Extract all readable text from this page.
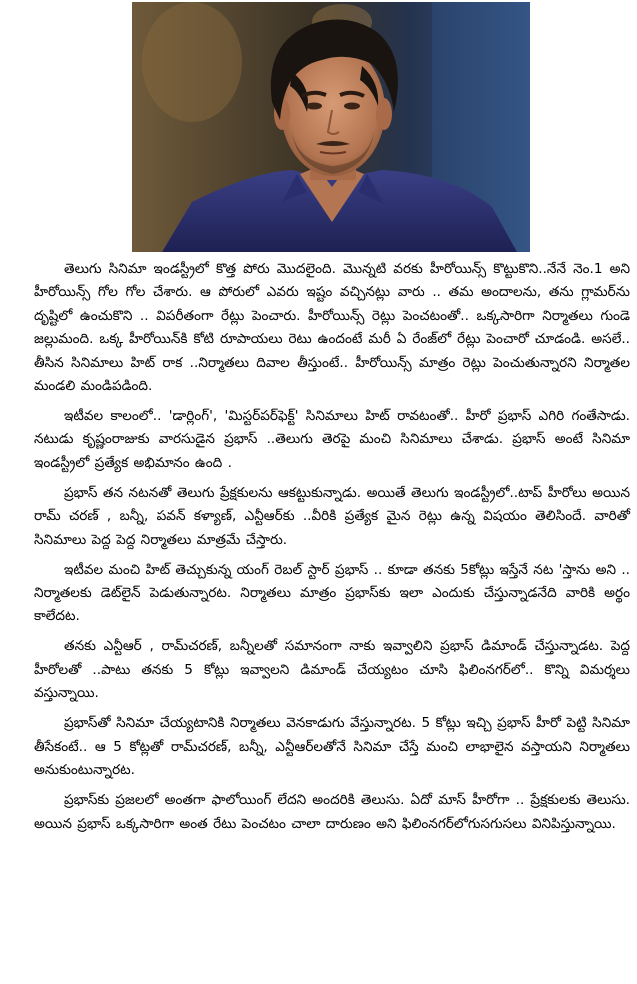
తెలుగు సినిమా ఇండస్ట్రీలో కొత్త పోరు మొదలైంది. మొన్నటి వరకు హీరోయిన్స్ కొట్టుకొని..నేనే నెం.1 అని హీరోయిన్స్ గోల గోల చేశారు. ఆ పోరులో ఎవరు ఇష్టం వచ్చినట్లు వారు .. తమ అందాలను, తను గ్లామర్‌ను దృష్టిలో ఉంచుకొని .. విపరీతంగా రేట్లు పెంచారు. హీరోయిన్స్ రెట్లు పెంచటంతో.. ఒక్కసారిగా నిర్మాతలు గుండె జల్లుమంది. ఒక్క హీరోయిన్‌కి కోటి రూపాయలు రెటు ఉందంటే మరీ ఏ రేంజ్‌లో రేట్లు పెంచారో చూడండి. అసలే.. తీసిన సినిమాలు హిట్ రాక ..నిర్మాతలు దివాల తీస్తుంటే.. హీరోయిన్స్ మాత్రం రెట్లు పెంచుతున్నారని నిర్మాతల మండలి మండిపడింది.

ఇటీవల కాలంలో.. 'డార్లింగ్', 'మిస్టర్‌పర్‌ఫెక్ట్' సినిమాలు హిట్ రావటంతో.. హీరో ప్రభాస్ ఎగిరి గంతేసాడు. నటుడు కృష్ణంరాజుకు వారసుడైన ప్రభాస్ ..తెలుగు తెరపై మంచి సినిమాలు చేశాడు. ప్రభాస్ అంటే సినిమా ఇండస్ట్రీలో ప్రత్యేక అభిమానం ఉంది .

ప్రభాస్ తన నటనతో తెలుగు ప్రేక్షకులను ఆకట్టుకున్నాడు. అయితే తెలుగు ఇండస్ట్రీలో..టాప్ హీరోలు అయిన రామ్ చరణ్ , బన్నీ, పవన్ కళ్యాణ్, ఎన్టీఆర్‌కు ..వీరికి ప్రత్యేక మైన రెట్లు ఉన్న విషయం తెలిసిందే. వారితో సినిమాలు పెద్ద పెద్ద నిర్మాతలు మాత్రమే చేస్తారు.

ఇటీవల మంచి హిట్ తెచ్చుకున్న యంగ్ రెబల్ స్టార్ ప్రభాస్ .. కూడా తనకు 5కోట్లు ఇస్తేనే నట 'స్తాను అని .. నిర్మాతలకు డెట్‌లైన్ పెడుతున్నారట. నిర్మాతలు మాత్రం ప్రభాస్‌కు ఇలా ఎందుకు చేస్తున్నాడనేది వారికి అర్థం కాలేదట.

తనకు ఎన్టీఆర్ , రామ్‌చరణ్, బన్నీలతో సమానంగా నాకు ఇవ్వాలిని ప్రభాస్ డిమాండ్ చేస్తున్నాడట. పెద్ద హీరోలతో ..పాటు తనకు 5 కోట్లు ఇవ్వాలని డిమాండ్ చేయ్యటం చూసి ఫిలింనగర్‌లో.. కొన్ని విమర్శలు వస్తున్నాయి.

ప్రభాస్‌తో సినిమా చేయ్యటానికి నిర్మాతలు వెనకాడుగు వేస్తున్నారట. 5 కోట్లు ఇచ్చి ప్రభాస్ హీరో పెట్టి సినిమా తీసేకంటే.. ఆ 5 కోట్లతో రామ్‌చరణ్, బన్నీ, ఎన్టీఆర్‌లతోనే సినిమా చేస్తే మంచి లాభాలైన వస్తాయని నిర్మాతలు అనుకుంటున్నారట.

ప్రభాస్‌కు ప్రజలలో అంతగా ఫాలోయింగ్ లేదని అందరికి తెలుసు. ఏదో మాస్ హీరోగా .. ప్రేక్షకులకు తెలుసు. అయిన ప్రభాస్ ఒక్కసారిగా అంత రేటు పెంచటం చాలా దారుణం అని ఫిలింనగర్‌లోగుసగుసలు వినిపిస్తున్నాయి.
